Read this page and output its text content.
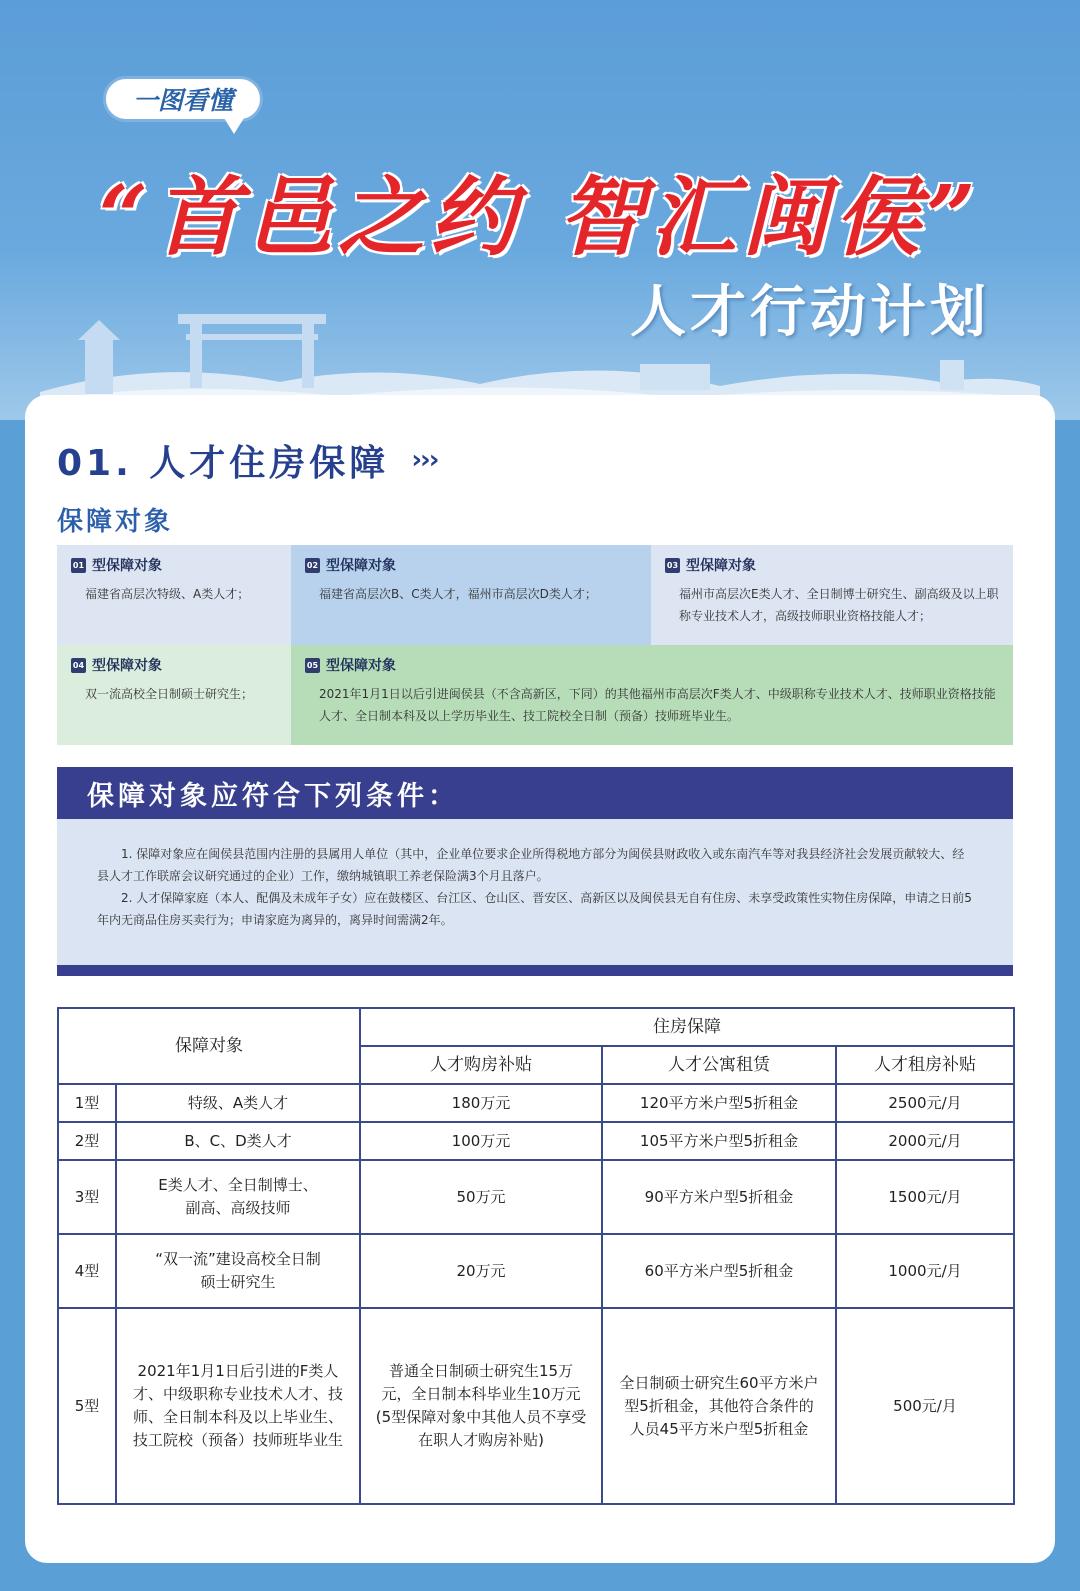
一图看懂
“首邑之约 智汇闽侯”
人才行动计划
01. 人才住房保障 ›››
保障对象
01 型保障对象
福建省高层次特级、A类人才；
02 型保障对象
福建省高层次B、C类人才，福州市高层次D类人才；
03 型保障对象
福州市高层次E类人才、全日制博士研究生、副高级及以上职称专业技术人才，高级技师职业资格技能人才；
04 型保障对象
双一流高校全日制硕士研究生；
05 型保障对象
2021年1月1日以后引进闽侯县（不含高新区，下同）的其他福州市高层次F类人才、中级职称专业技术人才、技师职业资格技能人才、全日制本科及以上学历毕业生、技工院校全日制（预备）技师班毕业生。
保障对象应符合下列条件：

1. 保障对象应在闽侯县范围内注册的县属用人单位（其中，企业单位要求企业所得税地方部分为闽侯县财政收入或东南汽车等对我县经济社会发展贡献较大、经县人才工作联席会议研究通过的企业）工作，缴纳城镇职工养老保险满3个月且落户。

2. 人才保障家庭（本人、配偶及未成年子女）应在鼓楼区、台江区、仓山区、晋安区、高新区以及闽侯县无自有住房、未享受政策性实物住房保障，申请之日前5年内无商品住房买卖行为；申请家庭为离异的，离异时间需满2年。

保障对象		住房保障		
		人才购房补贴	人才公寓租赁	人才租房补贴
1型	特级、A类人才	180万元	120平方米户型5折租金	2500元/月
2型	B、C、D类人才	100万元	105平方米户型5折租金	2000元/月
3型	E类人才、全日制博士、副高、高级技师	50万元	90平方米户型5折租金	1500元/月
4型	“双一流”建设高校全日制硕士研究生	20万元	60平方米户型5折租金	1000元/月
5型	2021年1月1日后引进的F类人才、中级职称专业技术人才、技师、全日制本科及以上毕业生、技工院校（预备）技师班毕业生	普通全日制硕士研究生15万元，全日制本科毕业生10万元(5型保障对象中其他人员不享受在职人才购房补贴)	全日制硕士研究生60平方米户型5折租金，其他符合条件的人员45平方米户型5折租金	500元/月
